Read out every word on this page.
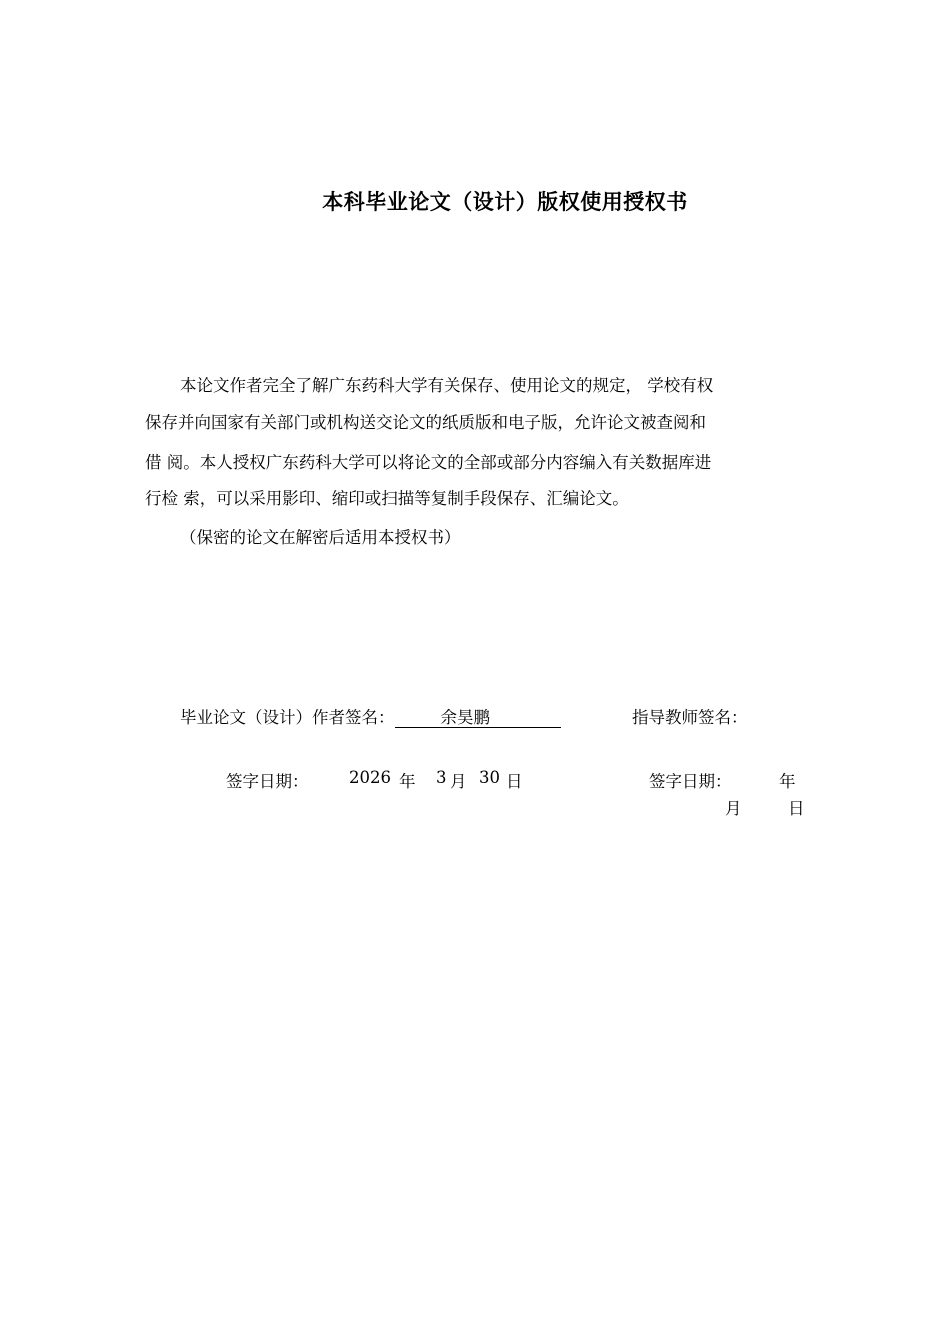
本科毕业论文（设计）版权使用授权书
本论文作者完全了解广东药科大学有关保存、使用论文的规定， 学校有权
保存并向国家有关部门或机构送交论文的纸质版和电子版，允许论文被查阅和
借 阅。本人授权广东药科大学可以将论文的全部或部分内容编入有关数据库进
行检 索，可以采用影印、缩印或扫描等复制手段保存、汇编论文。
（保密的论文在解密后适用本授权书）
毕业论文（设计）作者签名：	余昊鹏	指导教师签名：
签字日期： 2026 年 3 月 30 日	签字日期：	年
月	日
